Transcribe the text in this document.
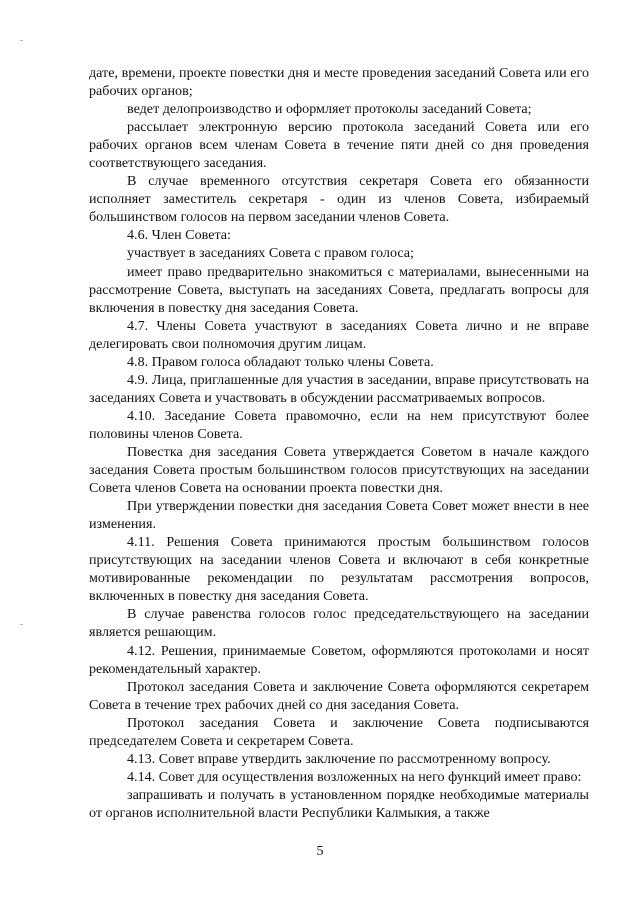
дате, времени, проекте повестки дня и месте проведения заседаний Совета или его рабочих органов;

ведет делопроизводство и оформляет протоколы заседаний Совета;

рассылает электронную версию протокола заседаний Совета или его рабочих органов всем членам Совета в течение пяти дней со дня проведения соответствующего заседания.

В случае временного отсутствия секретаря Совета его обязанности исполняет заместитель секретаря - один из членов Совета, избираемый большинством голосов на первом заседании членов Совета.

4.6. Член Совета:

участвует в заседаниях Совета с правом голоса;

имеет право предварительно знакомиться с материалами, вынесенными на рассмотрение Совета, выступать на заседаниях Совета, предлагать вопросы для включения в повестку дня заседания Совета.

4.7. Члены Совета участвуют в заседаниях Совета лично и не вправе делегировать свои полномочия другим лицам.

4.8. Правом голоса обладают только члены Совета.

4.9. Лица, приглашенные для участия в заседании, вправе присутствовать на заседаниях Совета и участвовать в обсуждении рассматриваемых вопросов.

4.10. Заседание Совета правомочно, если на нем присутствуют более половины членов Совета.

Повестка дня заседания Совета утверждается Советом в начале каждого заседания Совета простым большинством голосов присутствующих на заседании Совета членов Совета на основании проекта повестки дня.

При утверждении повестки дня заседания Совета Совет может внести в нее изменения.

4.11. Решения Совета принимаются простым большинством голосов присутствующих на заседании членов Совета и включают в себя конкретные мотивированные рекомендации по результатам рассмотрения вопросов, включенных в повестку дня заседания Совета.

В случае равенства голосов голос председательствующего на заседании является решающим.

4.12. Решения, принимаемые Советом, оформляются протоколами и носят рекомендательный характер.

Протокол заседания Совета и заключение Совета оформляются секретарем Совета в течение трех рабочих дней со дня заседания Совета.

Протокол заседания Совета и заключение Совета подписываются председателем Совета и секретарем Совета.

4.13. Совет вправе утвердить заключение по рассмотренному вопросу.

4.14. Совет для осуществления возложенных на него функций имеет право:

запрашивать и получать в установленном порядке необходимые материалы от органов исполнительной власти Республики Калмыкия, а также

5
